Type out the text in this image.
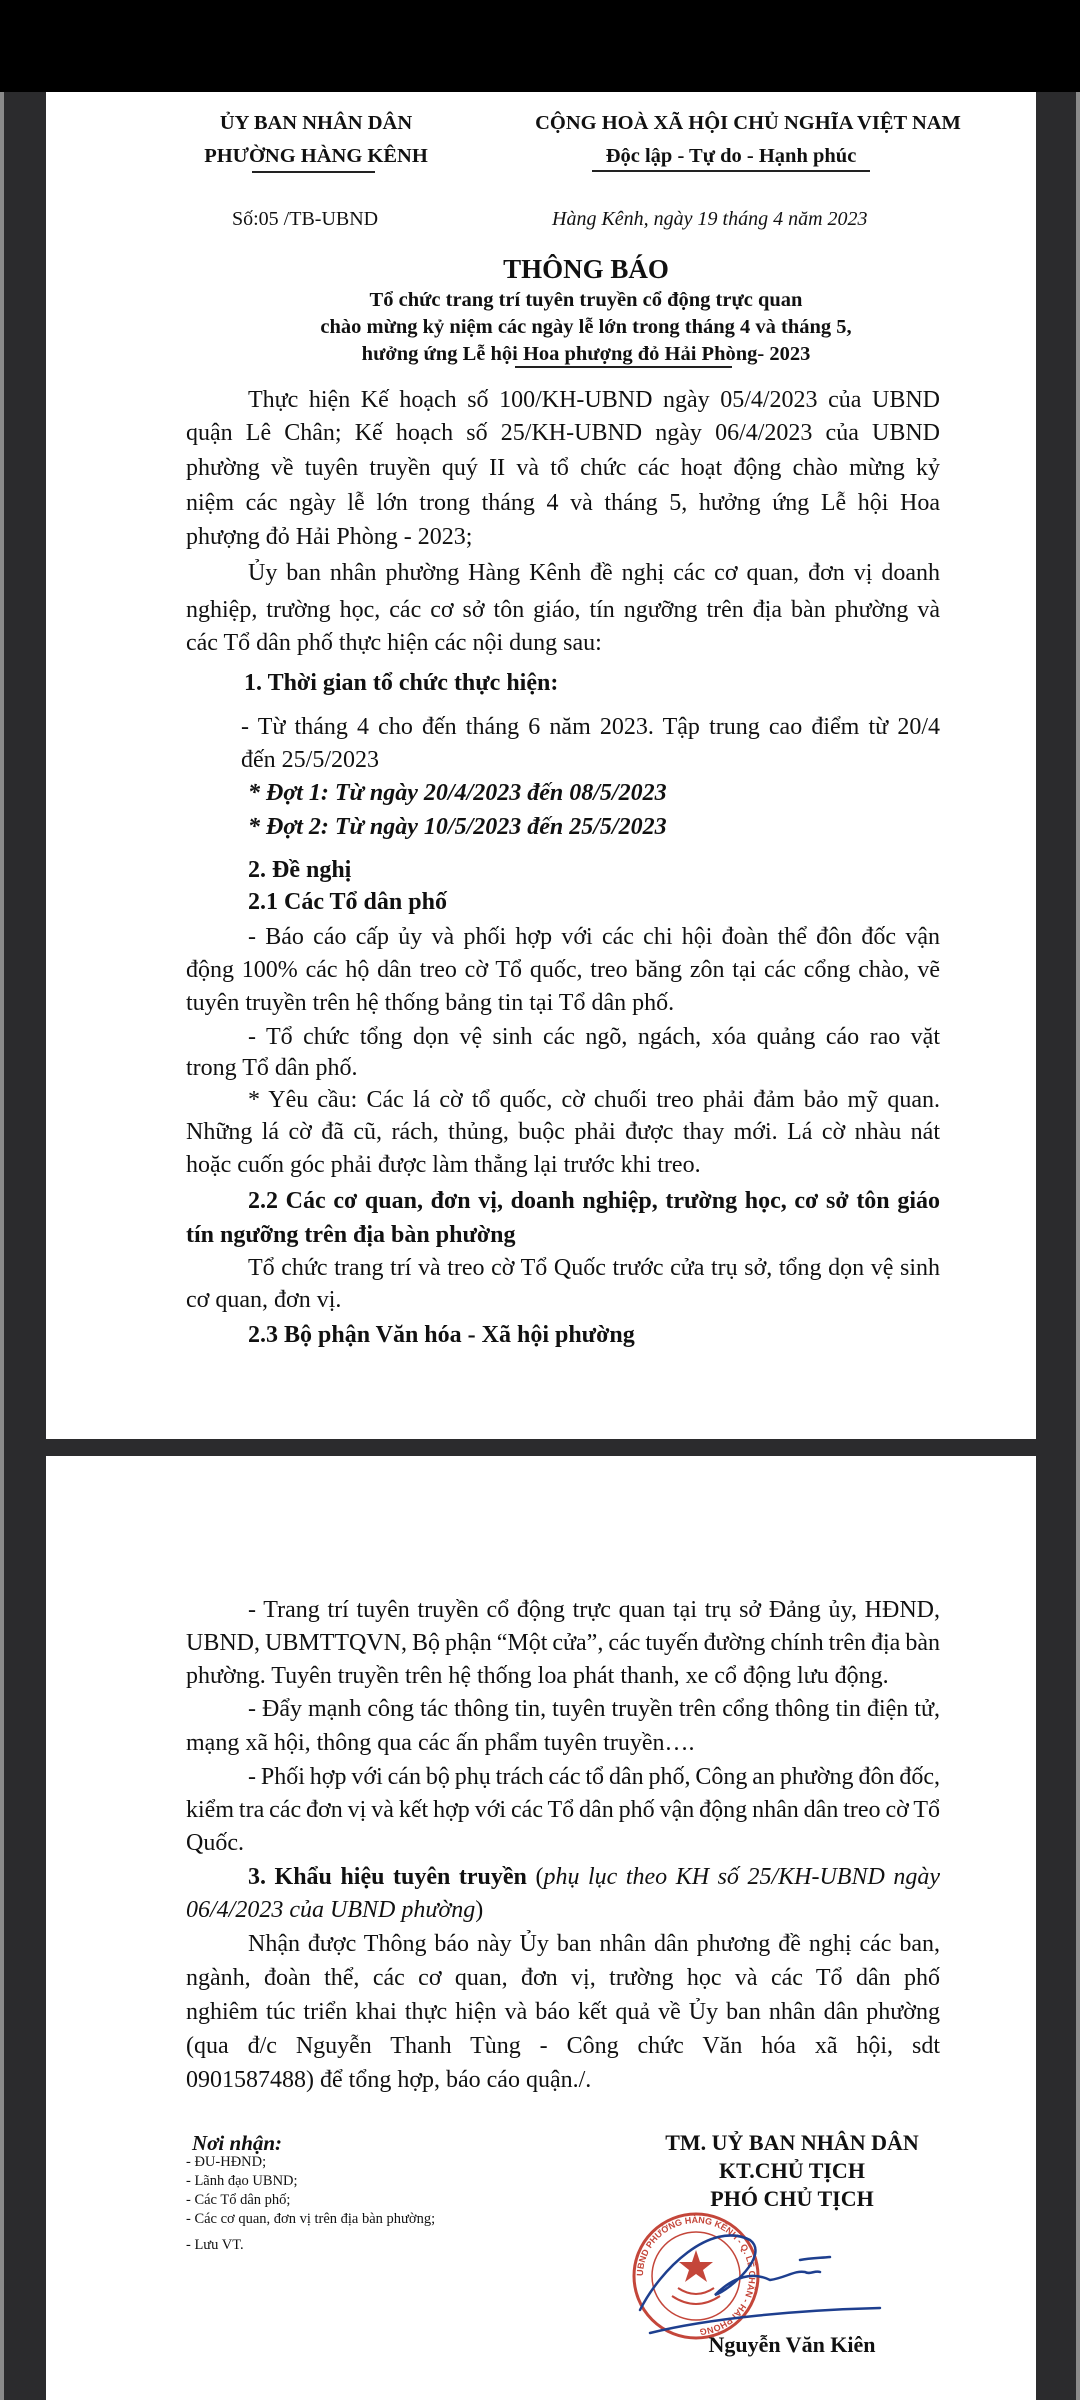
ỦY BAN NHÂN DÂN
PHƯỜNG HÀNG KÊNH
CỘNG HOÀ XÃ HỘI CHỦ NGHĨA VIỆT NAM
Độc lập - Tự do - Hạnh phúc
Số:05 /TB-UBND	Hàng Kênh, ngày 19 tháng 4 năm 2023
THÔNG BÁO
Tổ chức trang trí tuyên truyền cổ động trực quan
chào mừng kỷ niệm các ngày lễ lớn trong tháng 4 và tháng 5,
hưởng ứng Lễ hội Hoa phượng đỏ Hải Phòng- 2023
Thực hiện Kế hoạch số 100/KH-UBND ngày 05/4/2023 của UBND
quận Lê Chân; Kế hoạch số 25/KH-UBND ngày 06/4/2023 của UBND
phường về tuyên truyền quý II và tổ chức các hoạt động chào mừng kỷ
niệm các ngày lễ lớn trong tháng 4 và tháng 5, hưởng ứng Lễ hội Hoa
phượng đỏ Hải Phòng - 2023;
Ủy ban nhân phường Hàng Kênh đề nghị các cơ quan, đơn vị doanh
nghiệp, trường học, các cơ sở tôn giáo, tín ngưỡng trên địa bàn phường và
các Tổ dân phố thực hiện các nội dung sau:
1. Thời gian tổ chức thực hiện:
- Từ tháng 4 cho đến tháng 6 năm 2023. Tập trung cao điểm từ 20/4
đến 25/5/2023
* Đợt 1: Từ ngày 20/4/2023 đến 08/5/2023
* Đợt 2: Từ ngày 10/5/2023 đến 25/5/2023
2. Đề nghị
2.1 Các Tổ dân phố
- Báo cáo cấp ủy và phối hợp với các chi hội đoàn thể đôn đốc vận
động 100% các hộ dân treo cờ Tổ quốc, treo băng zôn tại các cổng chào, vẽ
tuyên truyền trên hệ thống bảng tin tại Tổ dân phố.
- Tổ chức tổng dọn vệ sinh các ngõ, ngách, xóa quảng cáo rao vặt
trong Tổ dân phố.
* Yêu cầu: Các lá cờ tổ quốc, cờ chuối treo phải đảm bảo mỹ quan.
Những lá cờ đã cũ, rách, thủng, buộc phải được thay mới. Lá cờ nhàu nát
hoặc cuốn góc phải được làm thẳng lại trước khi treo.
2.2 Các cơ quan, đơn vị, doanh nghiệp, trường học, cơ sở tôn giáo
tín ngưỡng trên địa bàn phường
Tổ chức trang trí và treo cờ Tổ Quốc trước cửa trụ sở, tổng dọn vệ sinh
cơ quan, đơn vị.
2.3 Bộ phận Văn hóa - Xã hội phường
- Trang trí tuyên truyền cổ động trực quan tại trụ sở Đảng ủy, HĐND,
UBND, UBMTTQVN, Bộ phận “Một cửa”, các tuyến đường chính trên địa bàn
phường. Tuyên truyền trên hệ thống loa phát thanh, xe cổ động lưu động.
- Đẩy mạnh công tác thông tin, tuyên truyền trên cổng thông tin điện tử,
mạng xã hội, thông qua các ấn phẩm tuyên truyền….
- Phối hợp với cán bộ phụ trách các tổ dân phố, Công an phường đôn đốc,
kiểm tra các đơn vị và kết hợp với các Tổ dân phố vận động nhân dân treo cờ Tổ
Quốc.
3. Khẩu hiệu tuyên truyền (phụ lục theo KH số 25/KH-UBND ngày
06/4/2023 của UBND phường)
Nhận được Thông báo này Ủy ban nhân dân phương đề nghị các ban,
ngành, đoàn thể, các cơ quan, đơn vị, trường học và các Tổ dân phố
nghiêm túc triển khai thực hiện và báo kết quả về Ủy ban nhân dân phường
(qua đ/c Nguyễn Thanh Tùng - Công chức Văn hóa xã hội, sdt
0901587488) để tổng hợp, báo cáo quận./.
Nơi nhận:
- ĐU-HĐND;
- Lãnh đạo UBND;
- Các Tổ dân phố;
- Các cơ quan, đơn vị trên địa bàn phường;
- Lưu VT.
TM. UỶ BAN NHÂN DÂN
KT.CHỦ TỊCH
PHÓ CHỦ TỊCH
UBND PHƯỜNG HÀNG KÊNH - Q. LÊ CHÂN - HẢI PHÒNG
Nguyễn Văn Kiên
